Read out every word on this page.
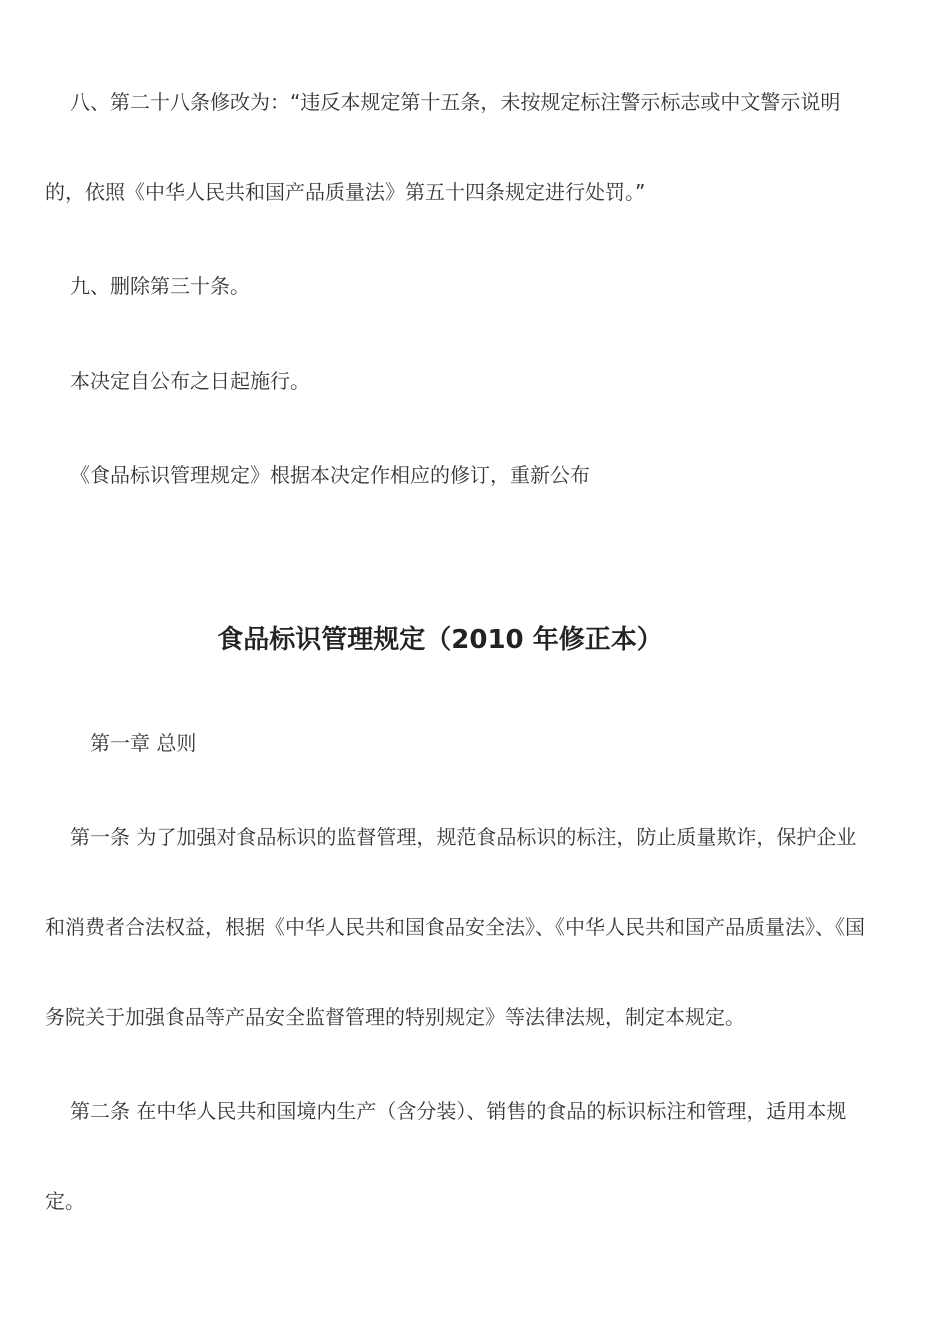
八、第二十八条修改为：“违反本规定第十五条，未按规定标注警示标志或中文警示说明
的，依照《中华人民共和国产品质量法》第五十四条规定进行处罚。”
九、删除第三十条。
本决定自公布之日起施行。
《食品标识管理规定》根据本决定作相应的修订，重新公布
食品标识管理规定（2010 年修正本）
第一章 总则
第一条 为了加强对食品标识的监督管理，规范食品标识的标注，防止质量欺诈，保护企业
和消费者合法权益，根据《中华人民共和国食品安全法》、《中华人民共和国产品质量法》、《国
务院关于加强食品等产品安全监督管理的特别规定》等法律法规，制定本规定。
第二条 在中华人民共和国境内生产（含分装）、销售的食品的标识标注和管理，适用本规
定。
